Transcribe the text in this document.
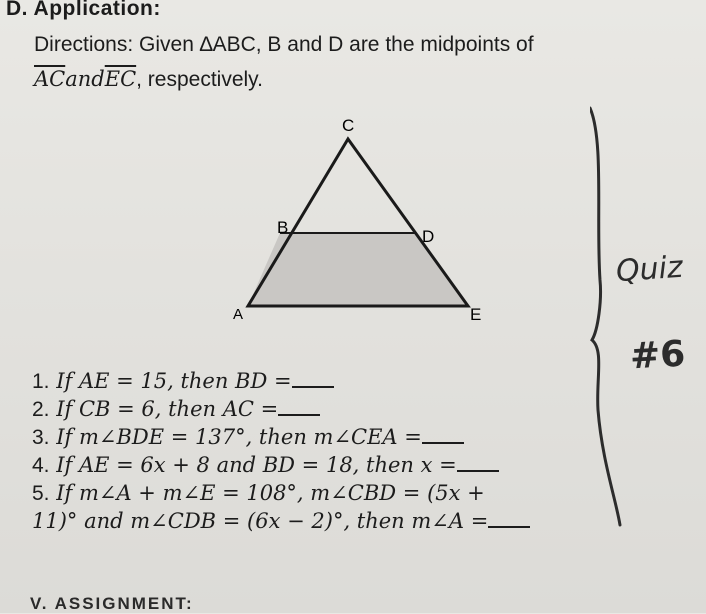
D. Application:
Directions: Given ∆ABC, B and D are the midpoints of
$\overline{AC}and\overline{EC}$, respectively.
C
B	D
A	E
1. If AE = 15, then BD =
2. If CB = 6, then AC =
3. If m∠BDE = 137°, then m∠CEA =
4. If AE = 6x + 8 and BD = 18, then x =
5. If m∠A + m∠E = 108°, m∠CBD = (5x +
11)° and m∠CDB = (6x − 2)°, then m∠A =
V. ASSIGNMENT:
Quiz
#6
